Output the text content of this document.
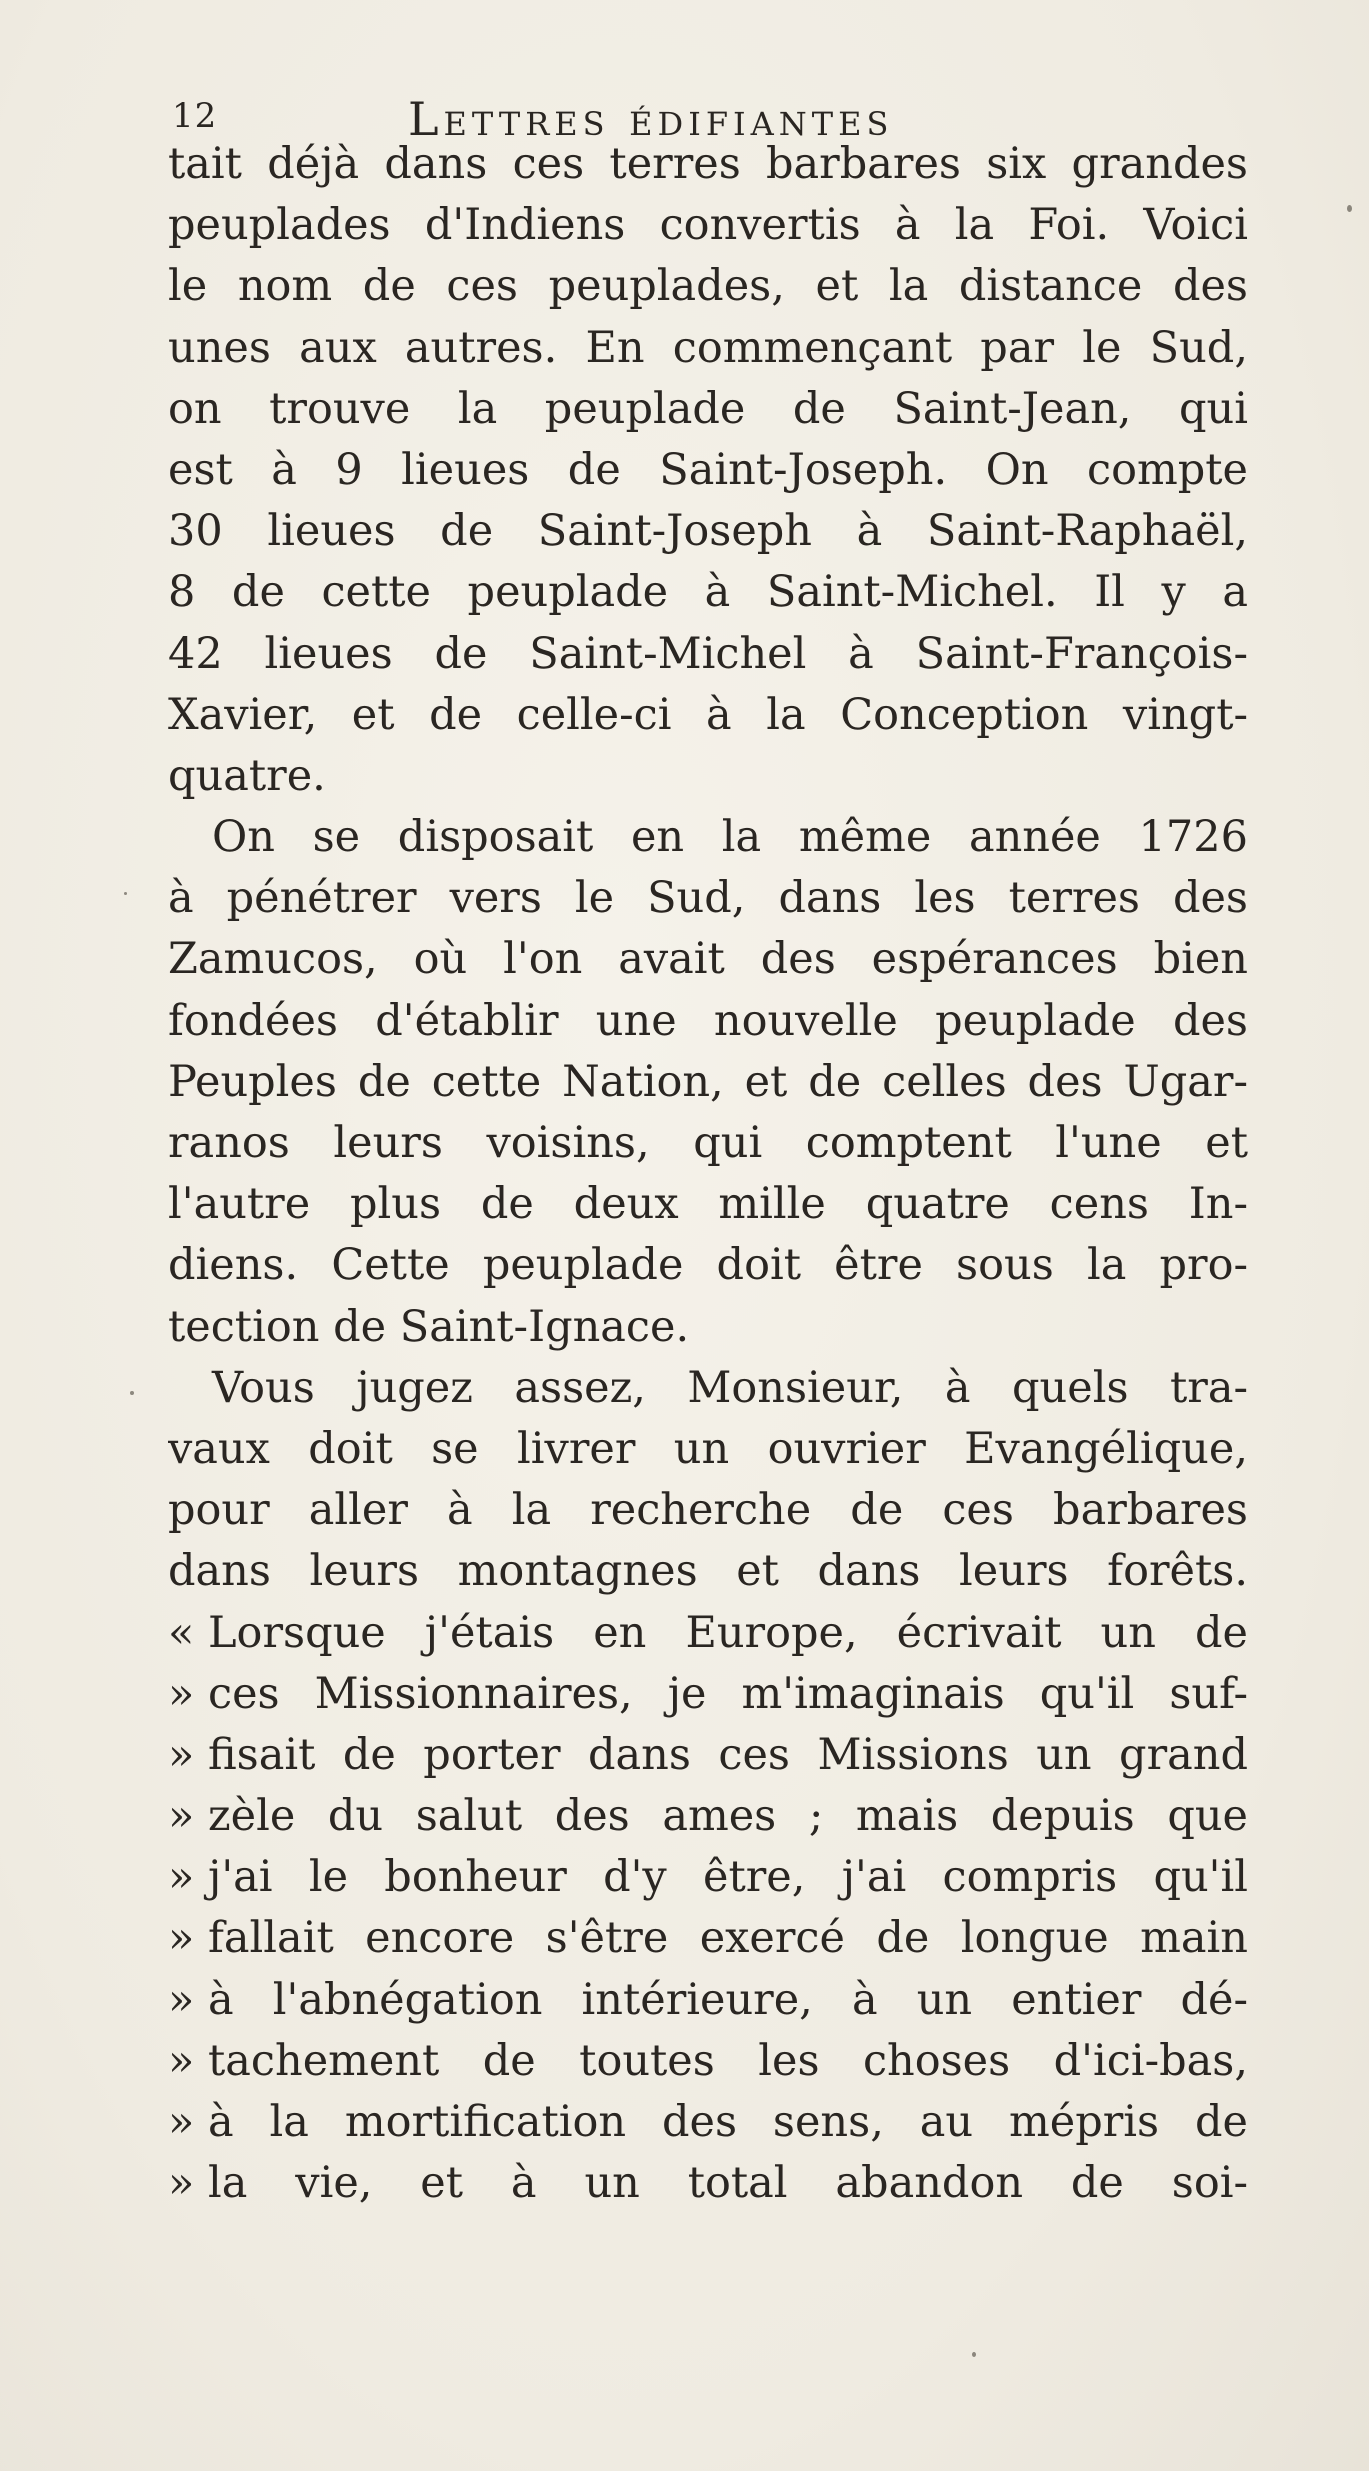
12	Lettres édifiantes
tait déjà dans ces terres barbares six grandes
peuplades d'Indiens convertis à la Foi. Voici
le nom de ces peuplades, et la distance des
unes aux autres. En commençant par le Sud,
on trouve la peuplade de Saint-Jean, qui
est à 9 lieues de Saint-Joseph. On compte
30 lieues de Saint-Joseph à Saint-Raphaël,
8 de cette peuplade à Saint-Michel. Il y a
42 lieues de Saint-Michel à Saint-François-
Xavier, et de celle-ci à la Conception vingt-
quatre.
On se disposait en la même année 1726
à pénétrer vers le Sud, dans les terres des
Zamucos, où l'on avait des espérances bien
fondées d'établir une nouvelle peuplade des
Peuples de cette Nation, et de celles des Ugar-
ranos leurs voisins, qui comptent l'une et
l'autre plus de deux mille quatre cens In-
diens. Cette peuplade doit être sous la pro-
tection de Saint-Ignace.
Vous jugez assez, Monsieur, à quels tra-
vaux doit se livrer un ouvrier Evangélique,
pour aller à la recherche de ces barbares
dans leurs montagnes et dans leurs forêts.
« Lorsque j'étais en Europe, écrivait un de
» ces Missionnaires, je m'imaginais qu'il suf-
» fisait de porter dans ces Missions un grand
» zèle du salut des ames ; mais depuis que
» j'ai le bonheur d'y être, j'ai compris qu'il
» fallait encore s'être exercé de longue main
» à l'abnégation intérieure, à un entier dé-
» tachement de toutes les choses d'ici-bas,
» à la mortification des sens, au mépris de
» la vie, et à un total abandon de soi-
